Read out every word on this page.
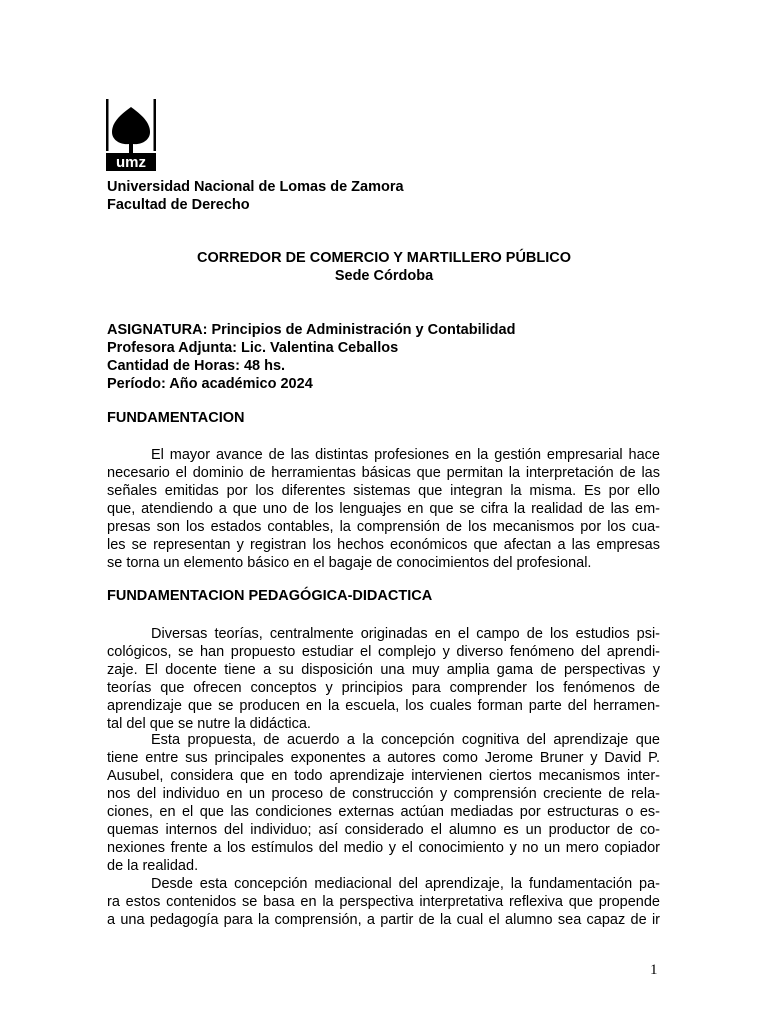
umz
Universidad Nacional de Lomas de Zamora
Facultad de Derecho
CORREDOR DE COMERCIO Y MARTILLERO PÚBLICO
Sede Córdoba
ASIGNATURA: Principios de Administración y Contabilidad
Profesora Adjunta: Lic. Valentina Ceballos
Cantidad de Horas: 48 hs.
Período: Año académico 2024
FUNDAMENTACION
El mayor avance de las distintas profesiones en la gestión empresarial hace
necesario el dominio de herramientas básicas que permitan la interpretación de las
señales emitidas por los diferentes sistemas que integran la misma. Es por ello
que, atendiendo a que uno de los lenguajes en que se cifra la realidad de las em-
presas son los estados contables, la comprensión de los mecanismos por los cua-
les se representan y registran los hechos económicos que afectan a las empresas
se torna un elemento básico en el bagaje de conocimientos del profesional.
FUNDAMENTACION PEDAGÓGICA-DIDACTICA
Diversas teorías, centralmente originadas en el campo de los estudios psi-
cológicos, se han propuesto estudiar el complejo y diverso fenómeno del aprendi-
zaje. El docente tiene a su disposición una muy amplia gama de perspectivas y
teorías que ofrecen conceptos y principios para comprender los fenómenos de
aprendizaje que se producen en la escuela, los cuales forman parte del herramen-
tal del que se nutre la didáctica.
Esta propuesta, de acuerdo a la concepción cognitiva del aprendizaje que
tiene entre sus principales exponentes a autores como Jerome Bruner y David P.
Ausubel, considera que en todo aprendizaje intervienen ciertos mecanismos inter-
nos del individuo en un proceso de construcción y comprensión creciente de rela-
ciones, en el que las condiciones externas actúan mediadas por estructuras o es-
quemas internos del individuo; así considerado el alumno es un productor de co-
nexiones frente a los estímulos del medio y el conocimiento y no un mero copiador
de la realidad.
Desde esta concepción mediacional del aprendizaje, la fundamentación pa-
ra estos contenidos se basa en la perspectiva interpretativa reflexiva que propende
a una pedagogía para la comprensión, a partir de la cual el alumno sea capaz de ir
1
